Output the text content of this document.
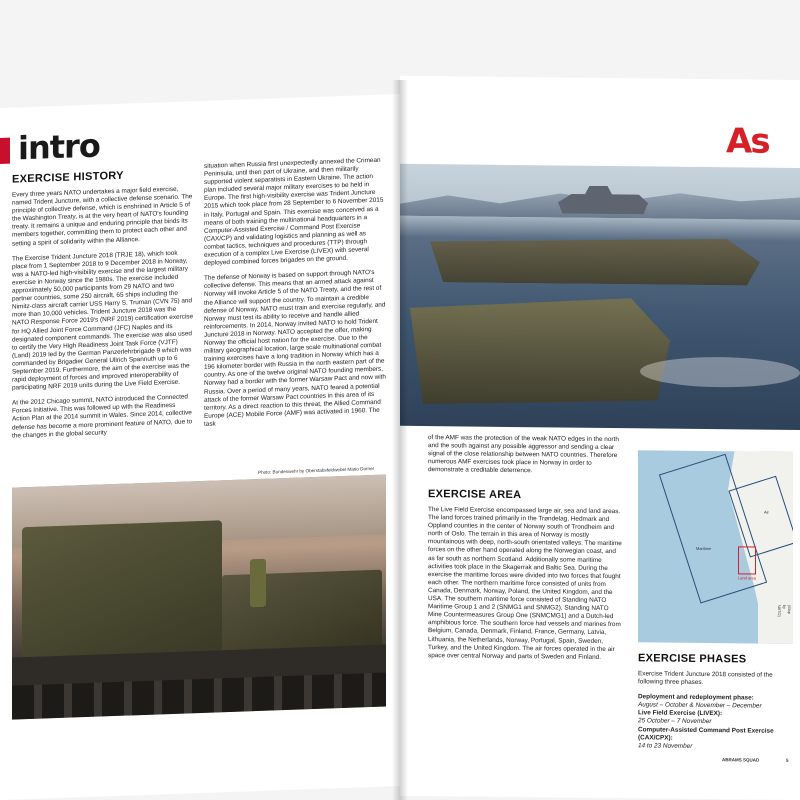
intro
EXERCISE HISTORY

Every three years NATO undertakes a major field exercise, named Trident Juncture, with a collective defense scenario. The principle of collective defense, which is enshrined in Article 5 of the Washington Treaty, is at the very heart of NATO's founding treaty. It remains a unique and enduring principle that binds its members together, committing them to protect each other and setting a spirit of solidarity within the Alliance.

The Exercise Trident Juncture 2018 (TRJE 18), which took place from 1 September 2018 to 9 December 2018 in Norway, was a NATO-led high-visibility exercise and the largest military exercise in Norway since the 1980s. The exercise included approximately 50,000 participants from 29 NATO and two partner countries, some 250 aircraft, 65 ships including the Nimitz-class aircraft carrier USS Harry S. Truman (CVN 75) and more than 10,000 vehicles. Trident Juncture 2018 was the NATO Response Force 2019's (NRF 2019) certification exercise for HQ Allied Joint Force Command (JFC) Naples and its designated component commands. The exercise was also used to certify the Very High Readiness Joint Task Force (VJTF) (Land) 2019 led by the German Panzerlehrbrigade 9 which was commanded by Brigadier General Ullrich Spannuth up to 6 September 2019. Furthermore, the aim of the exercise was the rapid deployment of forces and improved interoperability of participating NRF 2019 units during the Live Field Exercise.

At the 2012 Chicago summit, NATO introduced the Connected Forces Initiative. This was followed up with the Readiness Action Plan at the 2014 summit in Wales. Since 2014, collective defense has become a more prominent feature of NATO, due to the changes in the global security

situation when Russia first unexpectedly annexed the Crimean Peninsula, until then part of Ukraine, and then militarily supported violent separatists in Eastern Ukraine. The action plan included several major military exercises to be held in Europe. The first high-visibility exercise was Trident Juncture 2015 which took place from 28 September to 6 November 2015 in Italy, Portugal and Spain. This exercise was conceived as a means of both training the multinational headquarters in a Computer-Assisted Exercise / Command Post Exercise (CAX/CP) and validating logistics and planning as well as combat tactics, techniques and procedures (TTP) through execution of a complex Live Exercise (LIVEX) with several deployed combined forces brigades on the ground.

The defense of Norway is based on support through NATO's collective defense. This means that an armed attack against Norway will invoke Article 5 of the NATO Treaty, and the rest of the Alliance will support the country. To maintain a credible defense of Norway, NATO must train and exercise regularly, and Norway must test its ability to receive and handle allied reinforcements. In 2014, Norway invited NATO to hold Trident Juncture 2018 in Norway. NATO accepted the offer, making Norway the official host nation for the exercise. Due to the military geographical location, large scale multinational combat training exercises have a long tradition in Norway which has a 196 kilometer border with Russia in the north eastern part of the country. As one of the twelve original NATO founding members, Norway had a border with the former Warsaw Pact and now with Russia. Over a period of many years, NATO feared a potential attack of the former Warsaw Pact countries in this area of its territory. As a direct reaction to this threat, the Allied Command Europe (ACE) Mobile Force (AMF) was activated in 1960. The task

Photo: Bundeswehr by Oberstabsfeldwebel Mario Dorner
As

of the AMF was the protection of the weak NATO edges in the north and the south against any possible aggressor and sending a clear signal of the close relationship between NATO countries. Therefore numerous AMF exercises took place in Norway in order to demonstrate a creditable deterrence.

EXERCISE AREA

The Live Field Exercise encompassed large air, sea and land areas. The land forces trained primarily in the Trøndelag, Hedmark and Oppland counties in the center of Norway south of Trondheim and north of Oslo. The terrain in this area of Norway is mostly mountainous with deep, north-south orientated valleys. The maritime forces on the other hand operated along the Norwegian coast, and as far south as northern Scotland. Additionally some maritime activities took place in the Skagerrak and Baltic Sea. During the exercise the maritime forces were divided into two forces that fought each other. The northern maritime force consisted of units from Canada, Denmark, Norway, Poland, the United Kingdom, and the USA. The southern maritime force consisted of Standing NATO Maritime Group 1 and 2 (SNMG1 and SNMG2), Standing NATO Mine Countermeasures Group One (SNMCMG1) and a Dutch-led amphibious force. The southern force had vessels and marines from Belgium, Canada, Denmark, Finland, France, Germany, Latvia, Lithuania, the Netherlands, Norway, Portugal, Spain, Sweden, Turkey, and the United Kingdom. The air forces operated in the air space over central Norway and parts of Sweden and Finland.

Air
Maritime
Land area
(Map by NATO)
EXERCISE PHASES

Exercise Trident Juncture 2018 consisted of the following three phases.

Deployment and redeployment phase:
August – October & November – December
Live Field Exercise (LIVEX):
25 October – 7 November
Computer-Assisted Command Post Exercise (CAX/CPX):
14 to 23 November
ABRAMS SQUAD	5
